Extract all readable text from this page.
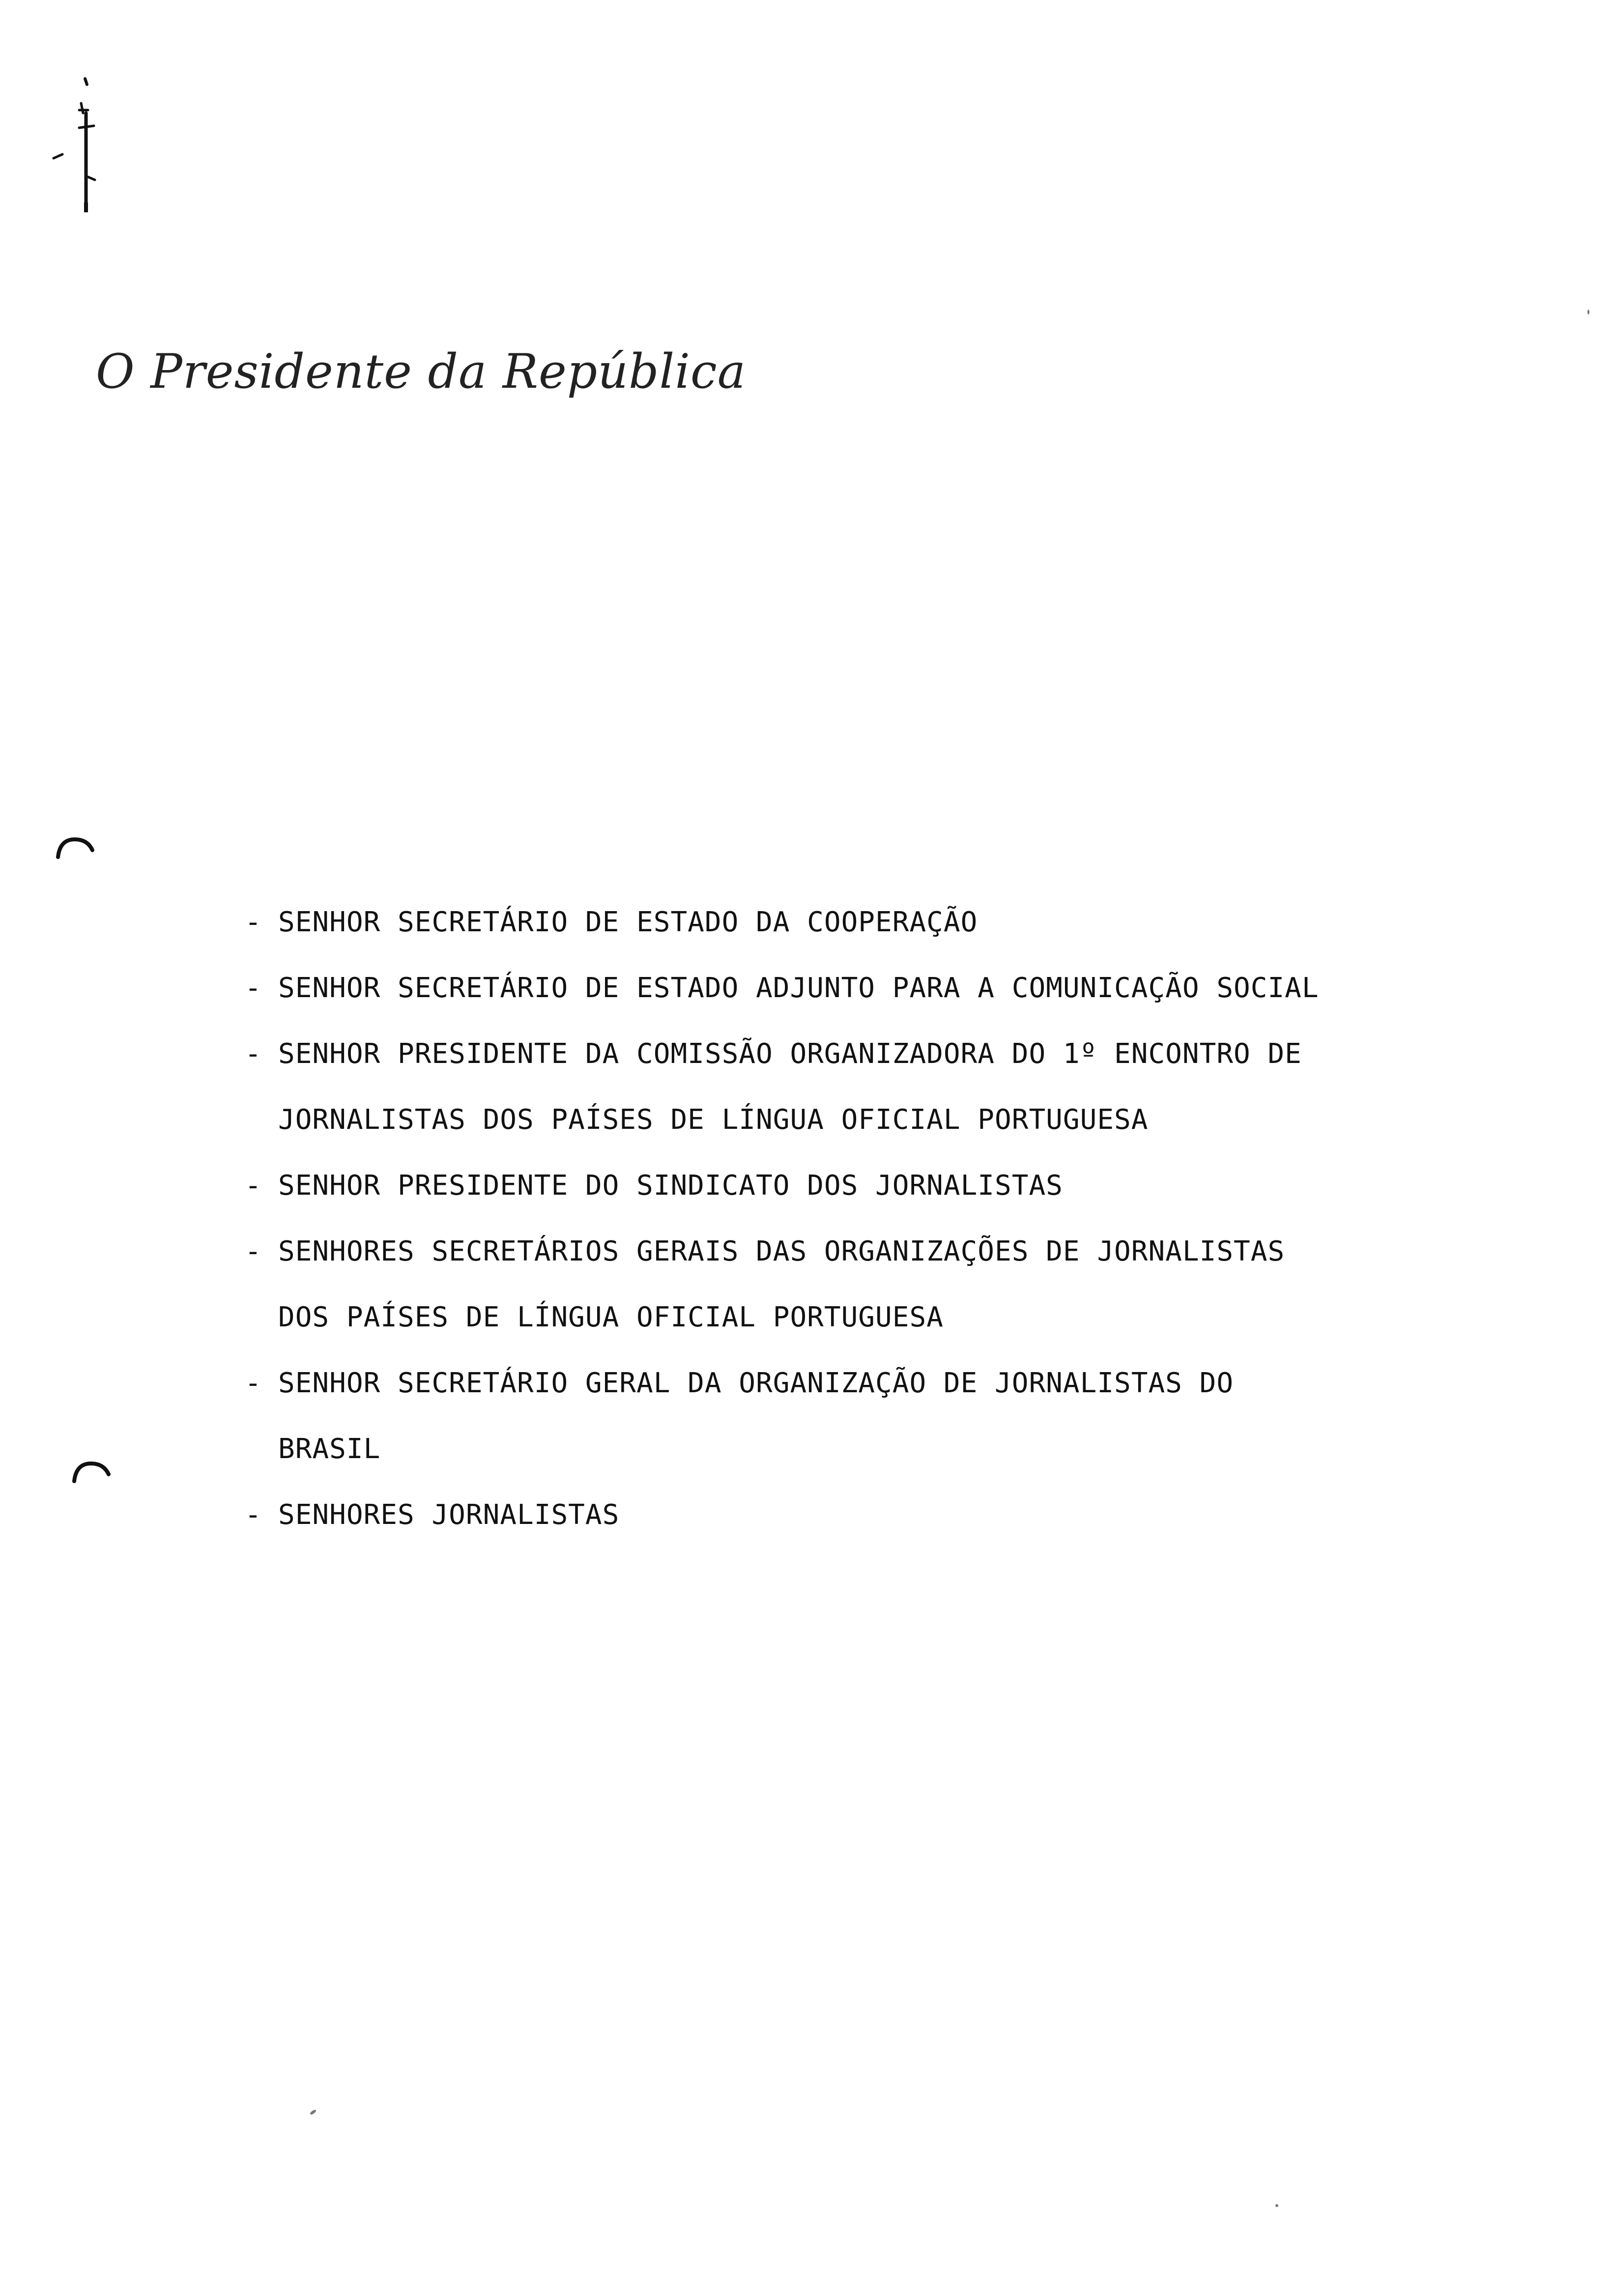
O Presidente da República
- SENHOR SECRETÁRIO DE ESTADO DA COOPERAÇÃO
- SENHOR SECRETÁRIO DE ESTADO ADJUNTO PARA A COMUNICAÇÃO SOCIAL
- SENHOR PRESIDENTE DA COMISSÃO ORGANIZADORA DO 1º ENCONTRO DE
JORNALISTAS DOS PAÍSES DE LÍNGUA OFICIAL PORTUGUESA
- SENHOR PRESIDENTE DO SINDICATO DOS JORNALISTAS
- SENHORES SECRETÁRIOS GERAIS DAS ORGANIZAÇÕES DE JORNALISTAS
DOS PAÍSES DE LÍNGUA OFICIAL PORTUGUESA
- SENHOR SECRETÁRIO GERAL DA ORGANIZAÇÃO DE JORNALISTAS DO
BRASIL
- SENHORES JORNALISTAS
